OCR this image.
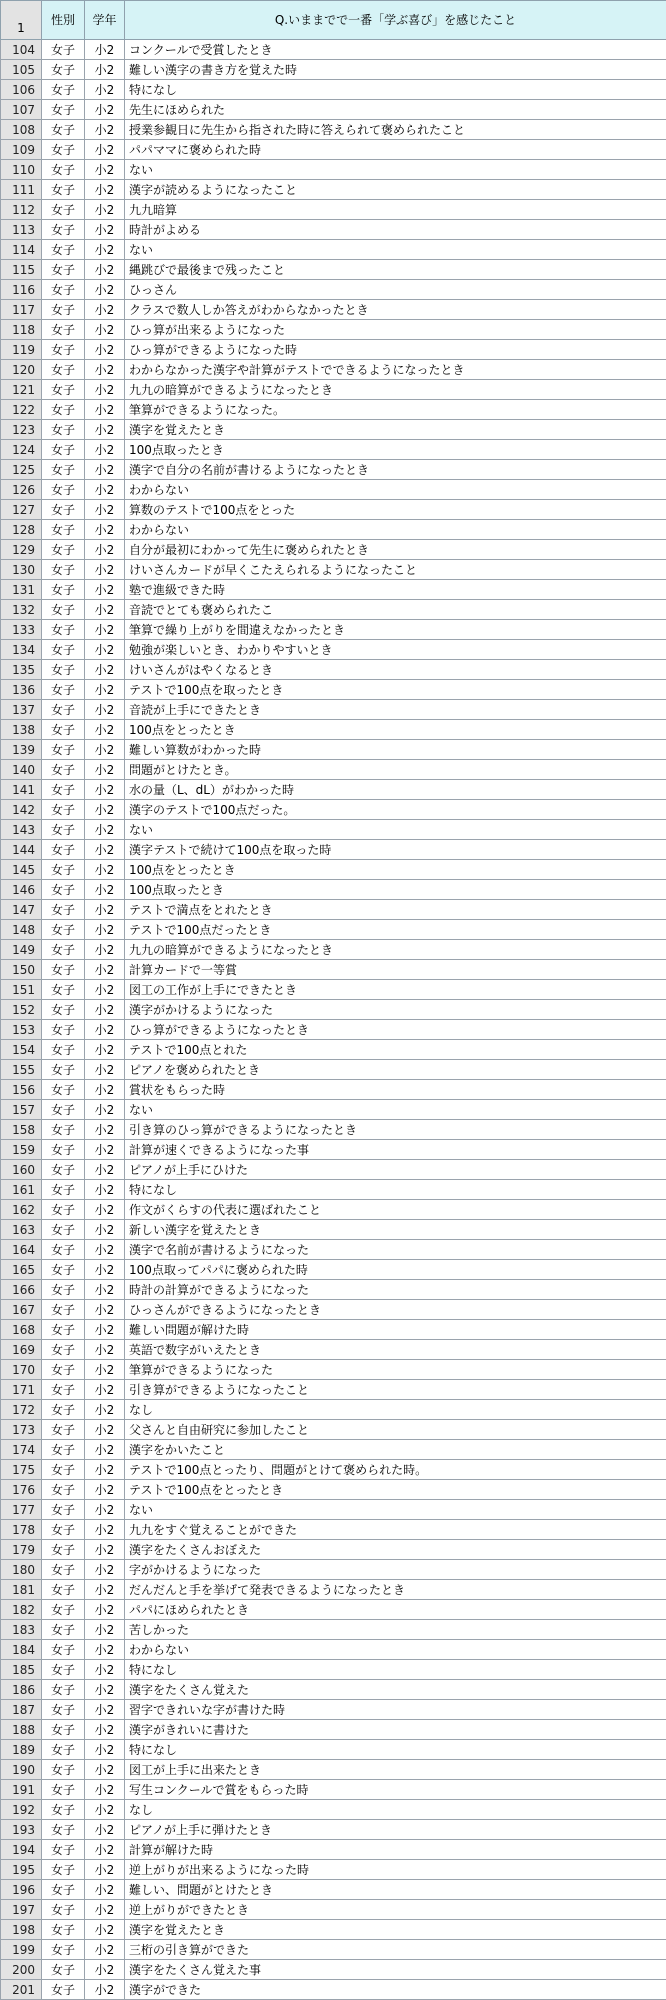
1	性別	学年	Q.いままでで一番「学ぶ喜び」を感じたこと
104	女子	小2	コンクールで受賞したとき
105	女子	小2	難しい漢字の書き方を覚えた時
106	女子	小2	特になし
107	女子	小2	先生にほめられた
108	女子	小2	授業参観日に先生から指された時に答えられて褒められたこと
109	女子	小2	パパママに褒められた時
110	女子	小2	ない
111	女子	小2	漢字が読めるようになったこと
112	女子	小2	九九暗算
113	女子	小2	時計がよめる
114	女子	小2	ない
115	女子	小2	縄跳びで最後まで残ったこと
116	女子	小2	ひっさん
117	女子	小2	クラスで数人しか答えがわからなかったとき
118	女子	小2	ひっ算が出来るようになった
119	女子	小2	ひっ算ができるようになった時
120	女子	小2	わからなかった漢字や計算がテストでできるようになったとき
121	女子	小2	九九の暗算ができるようになったとき
122	女子	小2	筆算ができるようになった。
123	女子	小2	漢字を覚えたとき
124	女子	小2	100点取ったとき
125	女子	小2	漢字で自分の名前が書けるようになったとき
126	女子	小2	わからない
127	女子	小2	算数のテストで100点をとった
128	女子	小2	わからない
129	女子	小2	自分が最初にわかって先生に褒められたとき
130	女子	小2	けいさんカードが早くこたえられるようになったこと
131	女子	小2	塾で進級できた時
132	女子	小2	音読でとても褒められたこ
133	女子	小2	筆算で繰り上がりを間違えなかったとき
134	女子	小2	勉強が楽しいとき、わかりやすいとき
135	女子	小2	けいさんがはやくなるとき
136	女子	小2	テストで100点を取ったとき
137	女子	小2	音読が上手にできたとき
138	女子	小2	100点をとったとき
139	女子	小2	難しい算数がわかった時
140	女子	小2	問題がとけたとき。
141	女子	小2	水の量（L、dL）がわかった時
142	女子	小2	漢字のテストで100点だった。
143	女子	小2	ない
144	女子	小2	漢字テストで続けて100点を取った時
145	女子	小2	100点をとったとき
146	女子	小2	100点取ったとき
147	女子	小2	テストで満点をとれたとき
148	女子	小2	テストで100点だったとき
149	女子	小2	九九の暗算ができるようになったとき
150	女子	小2	計算カードで一等賞
151	女子	小2	図工の工作が上手にできたとき
152	女子	小2	漢字がかけるようになった
153	女子	小2	ひっ算ができるようになったとき
154	女子	小2	テストで100点とれた
155	女子	小2	ピアノを褒められたとき
156	女子	小2	賞状をもらった時
157	女子	小2	ない
158	女子	小2	引き算のひっ算ができるようになったとき
159	女子	小2	計算が速くできるようになった事
160	女子	小2	ピアノが上手にひけた
161	女子	小2	特になし
162	女子	小2	作文がくらすの代表に選ばれたこと
163	女子	小2	新しい漢字を覚えたとき
164	女子	小2	漢字で名前が書けるようになった
165	女子	小2	100点取ってパパに褒められた時
166	女子	小2	時計の計算ができるようになった
167	女子	小2	ひっさんができるようになったとき
168	女子	小2	難しい問題が解けた時
169	女子	小2	英語で数字がいえたとき
170	女子	小2	筆算ができるようになった
171	女子	小2	引き算ができるようになったこと
172	女子	小2	なし
173	女子	小2	父さんと自由研究に参加したこと
174	女子	小2	漢字をかいたこと
175	女子	小2	テストで100点とったり、問題がとけて褒められた時。
176	女子	小2	テストで100点をとったとき
177	女子	小2	ない
178	女子	小2	九九をすぐ覚えることができた
179	女子	小2	漢字をたくさんおぼえた
180	女子	小2	字がかけるようになった
181	女子	小2	だんだんと手を挙げて発表できるようになったとき
182	女子	小2	パパにほめられたとき
183	女子	小2	苦しかった
184	女子	小2	わからない
185	女子	小2	特になし
186	女子	小2	漢字をたくさん覚えた
187	女子	小2	習字できれいな字が書けた時
188	女子	小2	漢字がきれいに書けた
189	女子	小2	特になし
190	女子	小2	図工が上手に出来たとき
191	女子	小2	写生コンクールで賞をもらった時
192	女子	小2	なし
193	女子	小2	ピアノが上手に弾けたとき
194	女子	小2	計算が解けた時
195	女子	小2	逆上がりが出来るようになった時
196	女子	小2	難しい、問題がとけたとき
197	女子	小2	逆上がりができたとき
198	女子	小2	漢字を覚えたとき
199	女子	小2	三桁の引き算ができた
200	女子	小2	漢字をたくさん覚えた事
201	女子	小2	漢字ができた
